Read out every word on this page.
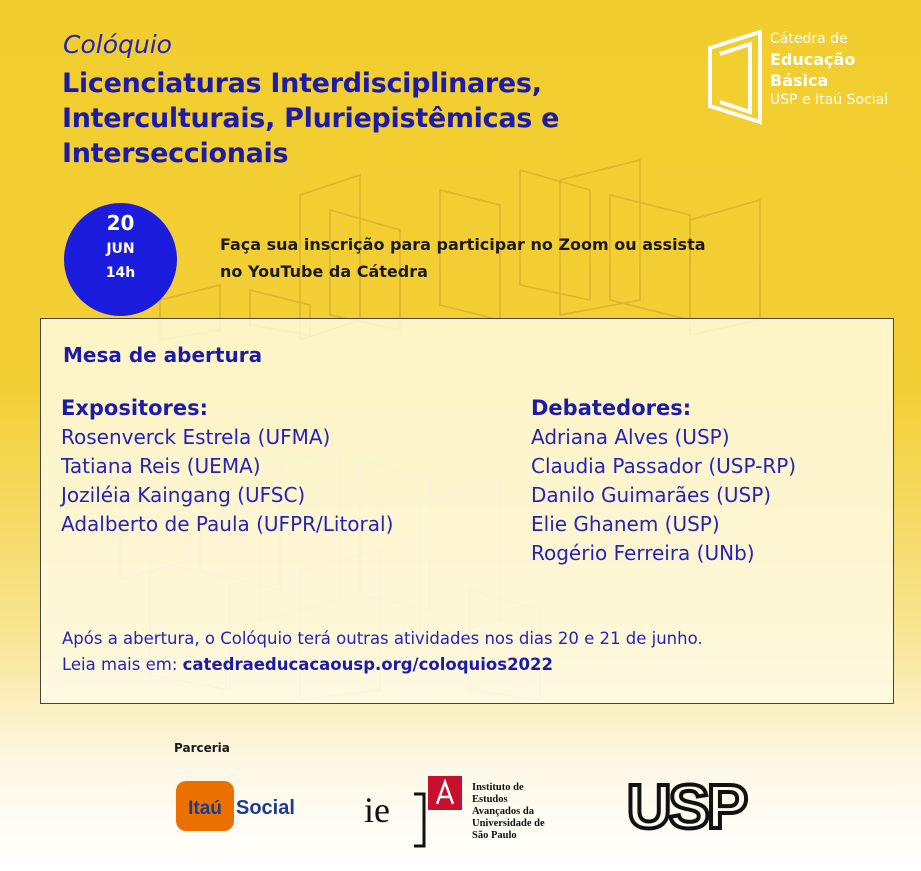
Colóquio
Licenciaturas Interdisciplinares,
Interculturais, Pluriepistêmicas e
Interseccionais
Cátedra de
Educação
Básica
USP e Itaú Social
20
JUN
14h
Faça sua inscrição para participar no Zoom ou assista
no YouTube da Cátedra
Mesa de abertura
Expositores:
Rosenverck Estrela (UFMA)
Tatiana Reis (UEMA)
Joziléia Kaingang (UFSC)
Adalberto de Paula (UFPR/Litoral)
Debatedores:
Adriana Alves (USP)
Claudia Passador (USP-RP)
Danilo Guimarães (USP)
Elie Ghanem (USP)
Rogério Ferreira (UNb)
Após a abertura, o Colóquio terá outras atividades nos dias 20 e 21 de junho.
Leia mais em: catedraeducacaousp.org/coloquios2022
Parceria
Itaú Social ie
Instituto de
Estudos
Avançados da
Universidade de
São Paulo	USP
